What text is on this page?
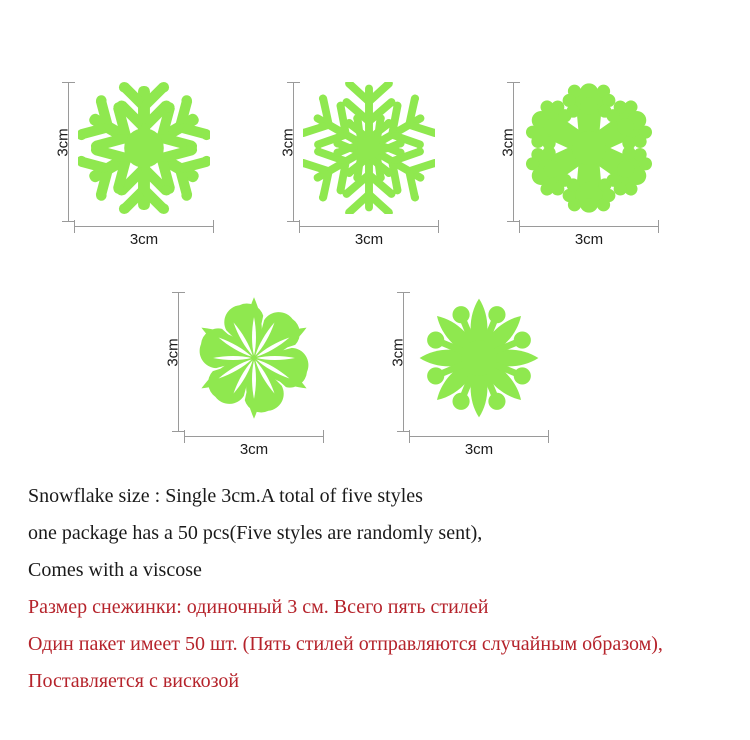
3cm
3cm
3cm
3cm
3cm
3cm
3cm
3cm
3cm
3cm
Snowflake size : Single 3cm.A total of five styles
one package has a 50 pcs(Five styles are randomly sent),
Comes with a viscose
Размер снежинки: одиночный 3 см. Всего пять стилей
Один пакет имеет 50 шт. (Пять стилей отправляются случайным образом),
Поставляется с вискозой
